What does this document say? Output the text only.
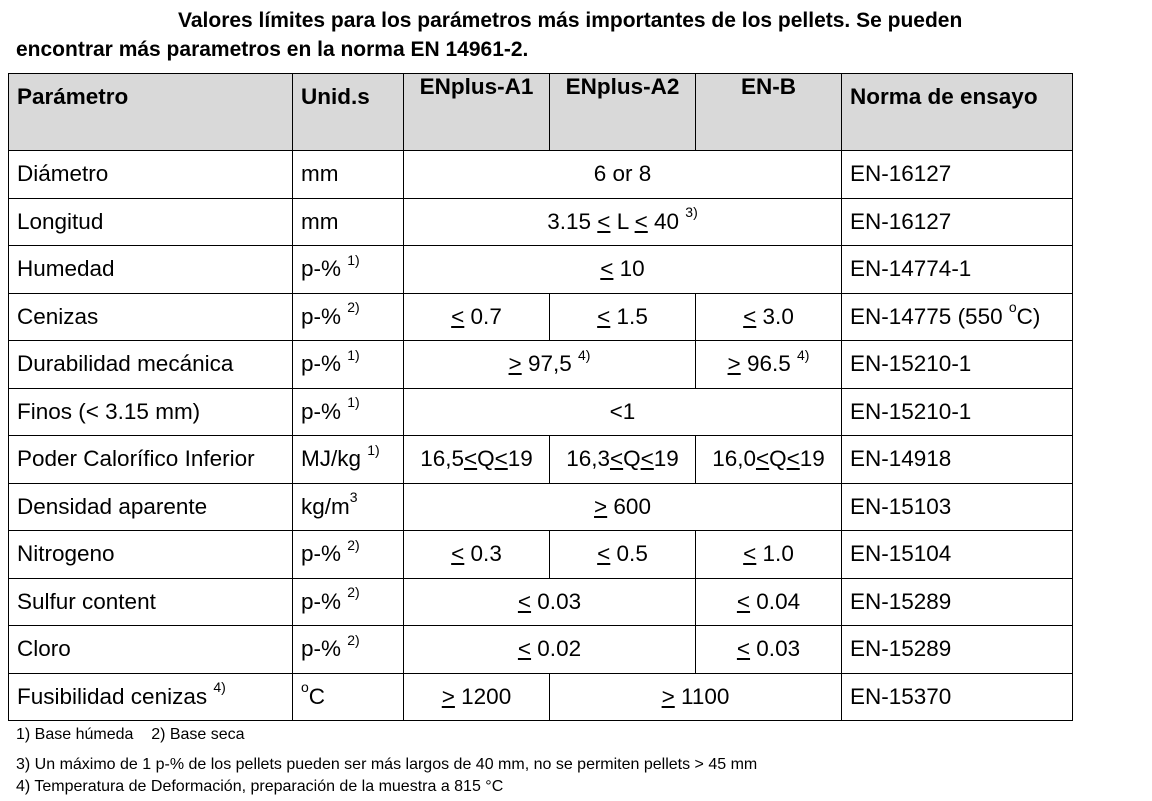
Valores límites para los parámetros más importantes de los pellets. Se pueden
encontrar más parametros en la norma EN 14961-2.
Parámetro	Unid.s	ENplus-A1	ENplus-A2	EN-B	Norma de ensayo
Diámetro	mm	6 or 8			EN-16127
Longitud	mm	3.15 < L < 40 $^{3)}$			EN-16127
Humedad	p-% $^{1)}$	< 10			EN-14774-1
Cenizas	p-% $^{2)}$	< 0.7	< 1.5	< 3.0	EN-14775 (550 $^o$C)
Durabilidad mecánica	p-% $^{1)}$	> 97,5 $^{4)}$		> 96.5 $^{4)}$	EN-15210-1
Finos (< 3.15 mm)	p-% $^{1)}$	<1			EN-15210-1
Poder Calorífico Inferior	MJ/kg $^{1)}$	16,5<Q<19	16,3<Q<19	16,0<Q<19	EN-14918
Densidad aparente	$kg/m^3$	> 600			EN-15103
Nitrogeno	p-% $^{2)}$	< 0.3	< 0.5	< 1.0	EN-15104
Sulfur content	p-% $^{2)}$	< 0.03		< 0.04	EN-15289
Cloro	p-% $^{2)}$	< 0.02		< 0.03	EN-15289
Fusibilidad cenizas $^{4)}$	$^o$C	> 1200	> 1100		EN-15370
1) Base húmeda    2) Base seca
3) Un máximo de 1 p-% de los pellets pueden ser más largos de 40 mm, no se permiten pellets > 45 mm
4) Temperatura de Deformación, preparación de la muestra a 815 °C
